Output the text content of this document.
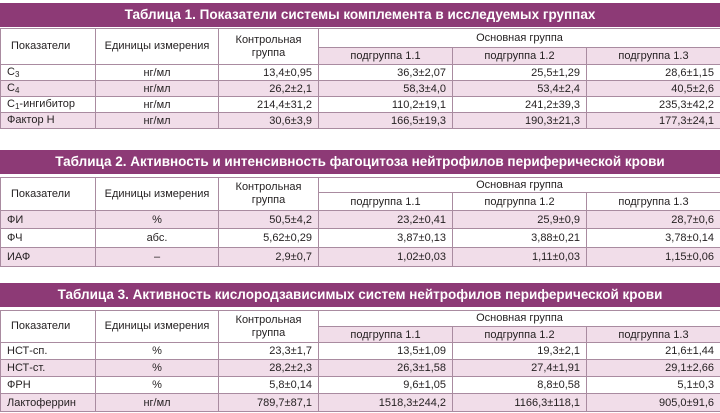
Таблица 1. Показатели системы комплемента в исследуемых группах
Показатели	Единицы измерения	Контрольная группа	Основная группа		
			подгруппа 1.1	подгруппа 1.2	подгруппа 1.3
$C_3$	нг/мл	13,4±0,95	36,3±2,07	25,5±1,29	28,6±1,15
$C_4$	нг/мл	26,2±2,1	58,3±4,0	53,4±2,4	40,5±2,6
$C_1$-ингибитор	нг/мл	214,4±31,2	110,2±19,1	241,2±39,3	235,3±42,2
Фактор H	нг/мл	30,6±3,9	166,5±19,3	190,3±21,3	177,3±24,1
Таблица 2. Активность и интенсивность фагоцитоза нейтрофилов периферической крови
Показатели	Единицы измерения	Контрольная группа	Основная группа		
			подгруппа 1.1	подгруппа 1.2	подгруппа 1.3
ФИ	%	50,5±4,2	23,2±0,41	25,9±0,9	28,7±0,6
ФЧ	абс.	5,62±0,29	3,87±0,13	3,88±0,21	3,78±0,14
ИАФ	–	2,9±0,7	1,02±0,03	1,11±0,03	1,15±0,06
Таблица 3. Активность кислородзависимых систем нейтрофилов периферической крови
Показатели	Единицы измерения	Контрольная группа	Основная группа		
			подгруппа 1.1	подгруппа 1.2	подгруппа 1.3
НСТ-сп.	%	23,3±1,7	13,5±1,09	19,3±2,1	21,6±1,44
НСТ-ст.	%	28,2±2,3	26,3±1,58	27,4±1,91	29,1±2,66
ФРН	%	5,8±0,14	9,6±1,05	8,8±0,58	5,1±0,3
Лактоферрин	нг/мл	789,7±87,1	1518,3±244,2	1166,3±118,1	905,0±91,6
